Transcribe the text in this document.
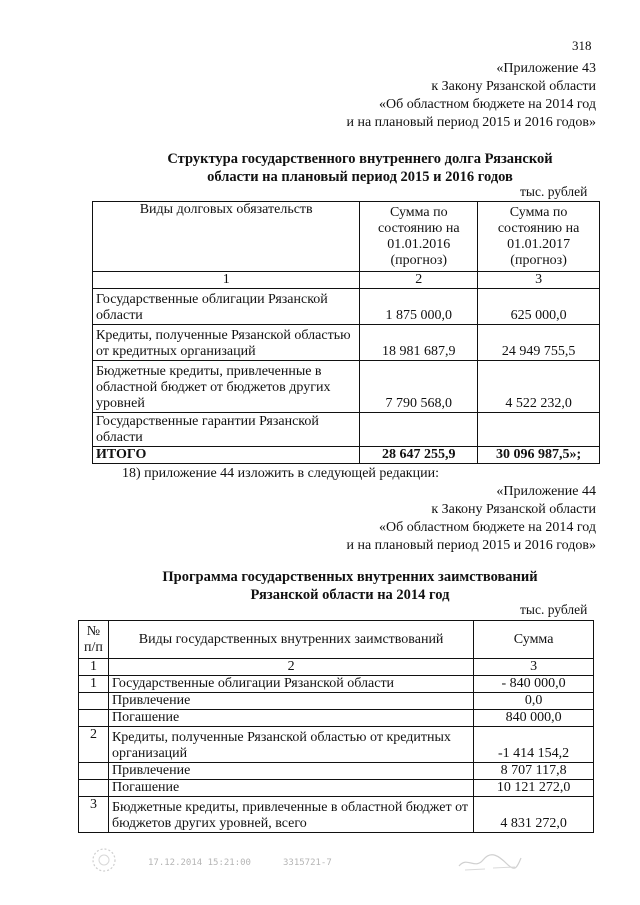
318
«Приложение 43
к Закону Рязанской области
«Об областном бюджете на 2014 год
и на плановый период 2015 и 2016 годов»
Структура государственного внутреннего долга Рязанской
области на плановый период 2015 и 2016 годов
тыс. рублей
Виды долговых обязательств	Сумма по состоянию на 01.01.2016 (прогноз)	Сумма по состоянию на 01.01.2017 (прогноз)
1	2	3
Государственные облигации Рязанской области	1 875 000,0	625 000,0
Кредиты, полученные Рязанской областью от кредитных организаций	18 981 687,9	24 949 755,5
Бюджетные кредиты, привлеченные в областной бюджет от бюджетов других уровней	7 790 568,0	4 522 232,0
Государственные гарантии Рязанской области		
ИТОГО	28 647 255,9	30 096 987,5»;
18) приложение 44 изложить в следующей редакции:
«Приложение 44
к Закону Рязанской области
«Об областном бюджете на 2014 год
и на плановый период 2015 и 2016 годов»
Программа государственных внутренних заимствований
Рязанской области на 2014 год
тыс. рублей
№ п/п	Виды государственных внутренних заимствований	Сумма
1	2	3
1	Государственные облигации Рязанской области	- 840 000,0
	Привлечение	0,0
	Погашение	840 000,0
2	Кредиты, полученные Рязанской областью от кредитных организаций	-1 414 154,2
	Привлечение	8 707 117,8
	Погашение	10 121 272,0
3	Бюджетные кредиты, привлеченные в областной бюджет от бюджетов других уровней, всего	4 831 272,0
17.12.2014 15:21:00	3315721-7
